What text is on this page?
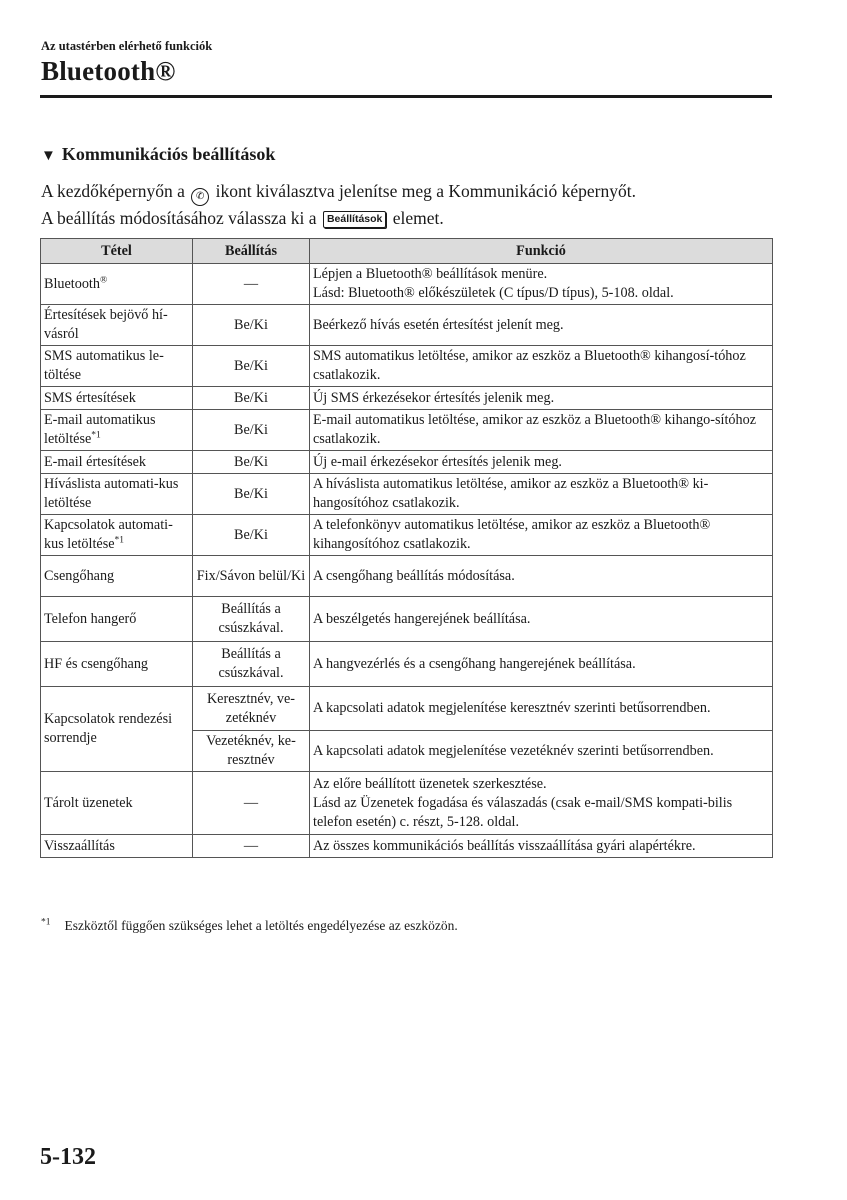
Az utastérben elérhető funkciók
Bluetooth®
▼ Kommunikációs beállítások
A kezdőképernyőn a ✆ ikont kiválasztva jelenítse meg a Kommunikáció képernyőt.
A beállítás módosításához válassza ki a Beállítások elemet.
Tétel	Beállítás	Funkció
Bluetooth®	—	Lépjen a Bluetooth® beállítások menüre.
Lásd: Bluetooth® előkészületek (C típus/D típus), 5-108. oldal.

Értesítések bejövő hí-vásról	Be/Ki	Beérkező hívás esetén értesítést jelenít meg.

SMS automatikus le-töltése	Be/Ki	SMS automatikus letöltése, amikor az eszköz a Bluetooth® kihangosí-tóhoz csatlakozik.

SMS értesítések	Be/Ki	Új SMS érkezésekor értesítés jelenik meg.

E-mail automatikus letöltése$^{*1}$	Be/Ki	E-mail automatikus letöltése, amikor az eszköz a Bluetooth® kihango-sítóhoz csatlakozik.

E-mail értesítések	Be/Ki	Új e-mail érkezésekor értesítés jelenik meg.

Híváslista automati-kus letöltése	Be/Ki	A híváslista automatikus letöltése, amikor az eszköz a Bluetooth® ki-hangosítóhoz csatlakozik.

Kapcsolatok automati-kus letöltése$^{*1}$	Be/Ki	A telefonkönyv automatikus letöltése, amikor az eszköz a Bluetooth® kihangosítóhoz csatlakozik.

Csengőhang	Fix/Sávon belül/Ki	A csengőhang beállítás módosítása.

Telefon hangerő	Beállítás a csúszkával.	A beszélgetés hangerejének beállítása.

HF és csengőhang	Beállítás a csúszkával.	A hangvezérlés és a csengőhang hangerejének beállítása.

Kapcsolatok rendezési sorrendje	Keresztnév, ve-zetéknév	A kapcsolati adatok megjelenítése keresztnév szerinti betűsorrendben.

	Vezetéknév, ke-resztnév	A kapcsolati adatok megjelenítése vezetéknév szerinti betűsorrendben.

Tárolt üzenetek	—	Az előre beállított üzenetek szerkesztése.
Lásd az Üzenetek fogadása és válaszadás (csak e-mail/SMS kompati-bilis telefon esetén) c. részt, 5-128. oldal.

Visszaállítás	—	Az összes kommunikációs beállítás visszaállítása gyári alapértékre.
$^{*1}$ Eszköztől függően szükséges lehet a letöltés engedélyezése az eszközön.
5-132
